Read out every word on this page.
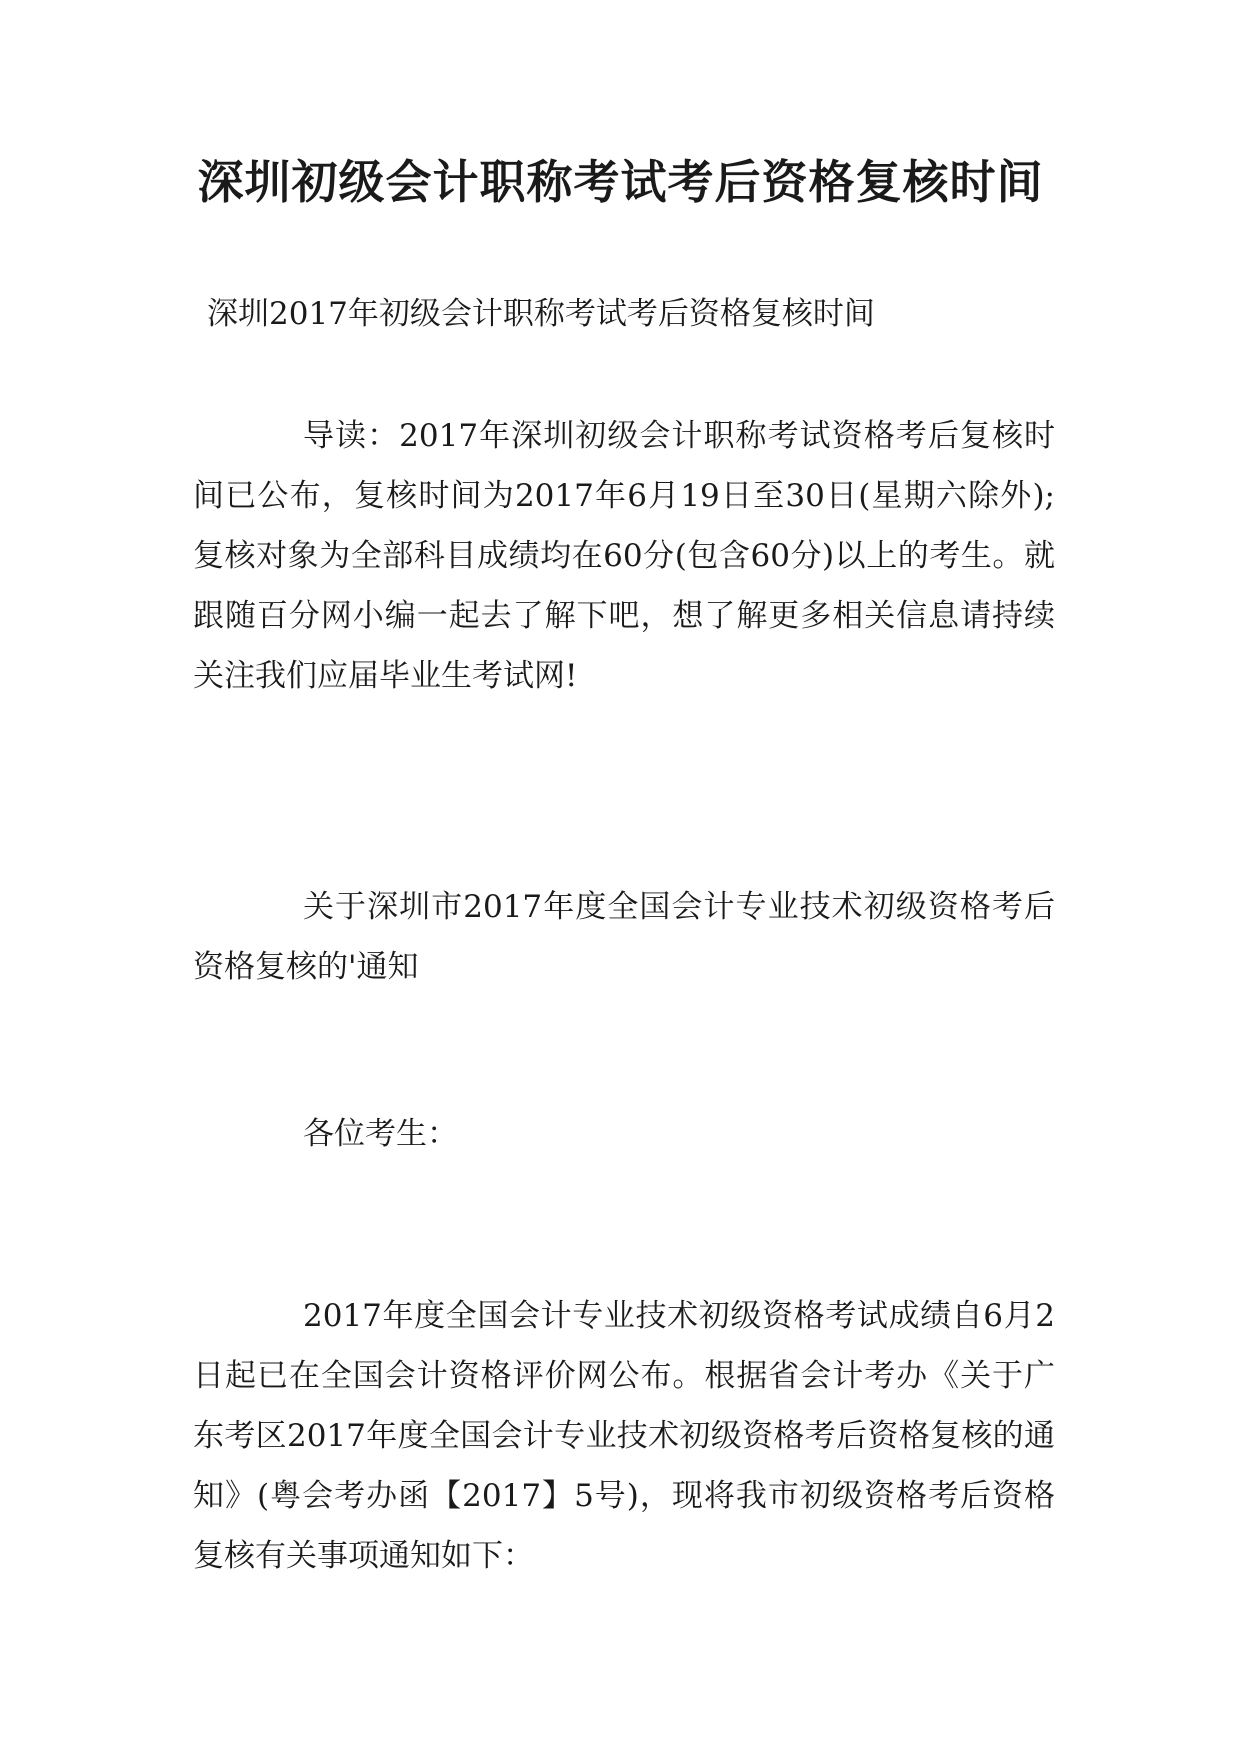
深圳初级会计职称考试考后资格复核时间

深圳2017年初级会计职称考试考后资格复核时间

导读：2017年深圳初级会计职称考试资格考后复核时间已公布，复核时间为2017年6月19日至30日(星期六除外);复核对象为全部科目成绩均在60分(包含60分)以上的考生。就跟随百分网小编一起去了解下吧，想了解更多相关信息请持续关注我们应届毕业生考试网!

关于深圳市2017年度全国会计专业技术初级资格考后资格复核的'通知

各位考生：

2017年度全国会计专业技术初级资格考试成绩自6月2日起已在全国会计资格评价网公布。根据省会计考办《关于广东考区2017年度全国会计专业技术初级资格考后资格复核的通知》(粤会考办函【2017】5号)，现将我市初级资格考后资格复核有关事项通知如下：
